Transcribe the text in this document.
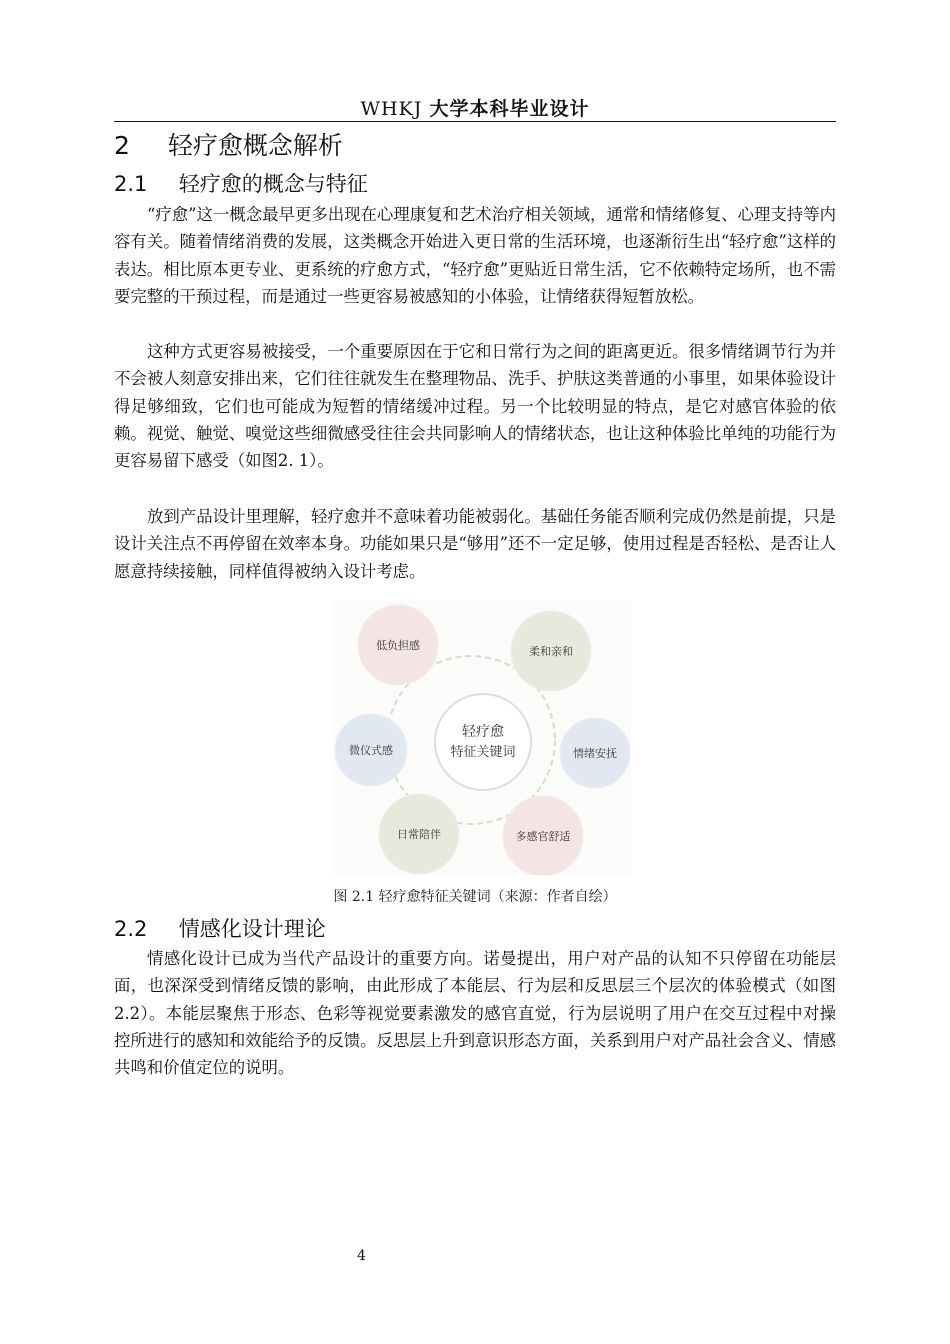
WHKJ 大学本科毕业设计
2 轻疗愈概念解析
2.1 轻疗愈的概念与特征
“疗愈”这一概念最早更多出现在心理康复和艺术治疗相关领域，通常和情绪修复、心理支持等内容有关。随着情绪消费的发展，这类概念开始进入更日常的生活环境，也逐渐衍生出“轻疗愈”这样的表达。相比原本更专业、更系统的疗愈方式，“轻疗愈”更贴近日常生活，它不依赖特定场所，也不需要完整的干预过程，而是通过一些更容易被感知的小体验，让情绪获得短暂放松。
这种方式更容易被接受，一个重要原因在于它和日常行为之间的距离更近。很多情绪调节行为并不会被人刻意安排出来，它们往往就发生在整理物品、洗手、护肤这类普通的小事里，如果体验设计得足够细致，它们也可能成为短暂的情绪缓冲过程。另一个比较明显的特点，是它对感官体验的依赖。视觉、触觉、嗅觉这些细微感受往往会共同影响人的情绪状态，也让这种体验比单纯的功能行为更容易留下感受（如图2. 1）。
放到产品设计里理解，轻疗愈并不意味着功能被弱化。基础任务能否顺利完成仍然是前提，只是设计关注点不再停留在效率本身。功能如果只是“够用”还不一定足够，使用过程是否轻松、是否让人愿意持续接触，同样值得被纳入设计考虑。
低负担感	柔和亲和
情绪安抚
多感官舒适
日常陪伴
微仪式感
轻疗愈
特征关键词
图 2.1 轻疗愈特征关键词（来源：作者自绘）
2.2 情感化设计理论
情感化设计已成为当代产品设计的重要方向。诺曼提出，用户对产品的认知不只停留在功能层面，也深深受到情绪反馈的影响，由此形成了本能层、行为层和反思层三个层次的体验模式（如图 2.2）。本能层聚焦于形态、色彩等视觉要素激发的感官直觉，行为层说明了用户在交互过程中对操控所进行的感知和效能给予的反馈。反思层上升到意识形态方面，关系到用户对产品社会含义、情感共鸣和价值定位的说明。
4
